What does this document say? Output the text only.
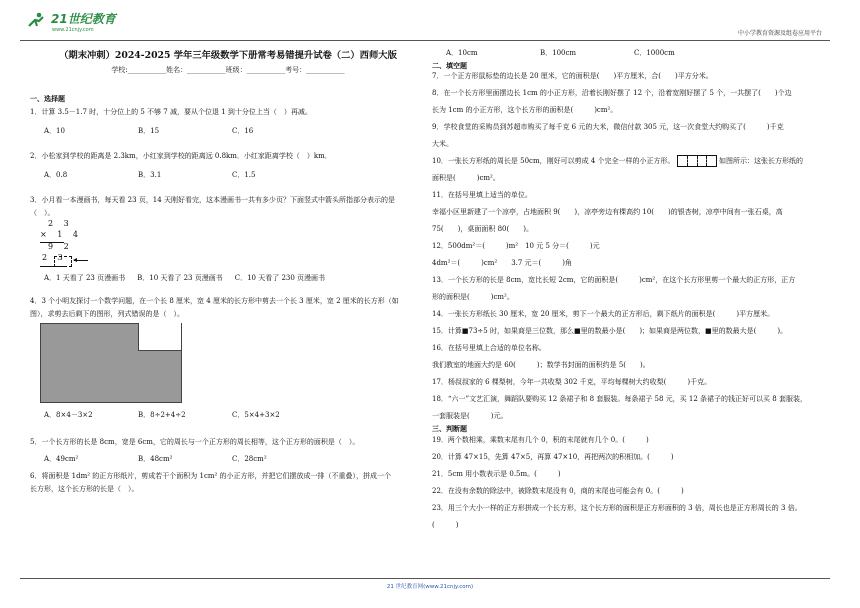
21世纪教育
www.21cnjy.com	中小学教育资源及组卷应用平台
（期末冲刺）2024-2025 学年三年级数学下册常考易错提升试卷（二）西师大版
学校:___________姓名：___________班级：___________考号：___________
一、选择题
1．计算 3.5－1.7 时，十分位上的 5 不够 7 减，要从个位退 1 到十分位上当（　）再减。
A．10	B．15	C．16
2．小松家到学校的距离是 2.3km，小红家到学校的距离远 0.8km．小红家距离学校（　）km．
A．0.8	B．3.1	C．1.5
3．小月看一本漫画书，每天看 23 页，14 天刚好看完，这本漫画书一共有多少页？下面竖式中箭头所指部分表示的是
（　）。
2 3
× 1 4
9 2
2 3
A．1 天看了 23 页漫画书 B．10 天看了 23 页漫画书 C．10 天看了 230 页漫画书
4．3 个小明友探讨一个数学问题，在一个长 8 厘米，宽 4 厘米的长方形中剪去一个长 3 厘米，宽 2 厘米的长方形（如
图），求剪去后剩下的图形，列式错误的是（　）。
A．8×4－3×2	B．8÷2+4÷2	C．5×4+3×2
5．一个长方形的长是 8cm，宽是 6cm，它的周长与一个正方形的周长相等，这个正方形的面积是（　）。
A．49cm²	B．48cm²	C．28cm²
6．将面积是 1dm² 的正方形纸片，剪成若干个面积为 1cm² 的小正方形，并把它们摆放成一排（不重叠），拼成一个
长方形，这个长方形的长是（　）。
A．10cm	B．100cm	C．1000cm
二、填空题
7．一个正方形鼠标垫的边长是 20 厘米，它的面积是(　　)平方厘米，合(　　)平方分米。
8．在一个长方形里面摆边长 1cm 的小正方形，沿着长刚好摆了 12 个，沿着宽刚好摆了 5 个，一共摆了(　　)个边
长为 1cm 的小正方形，这个长方形的面积是(　　　)cm²。
9．学校食堂的采购员到苏超市购买了每千克 6 元的大米，微信付款 305 元，这一次食堂大约购买了(　　　)千克
大米。
10．一张长方形纸的周长是 50cm，刚好可以剪成 4 个完全一样的小正方形。	如图所示：这张长方形纸的
面积是(　　　)cm²。
11．在括号里填上适当的单位。
幸福小区里新建了一个凉亭，占地面积 9(　　)，凉亭旁边有棵高约 10(　　)的银杏树，凉亭中间有一张石桌，高
75(　　)，桌面面积 80(　　)。
12．500dm²＝(　　　)m²　10 元 5 分＝(　　　)元
4dm²＝(　　　)cm²　　3.7 元＝(　　　)角
13．一个长方形的长是 8cm，宽比长短 2cm，它的面积是(　　　)cm²，在这个长方形里剪一个最大的正方形，正方
形的面积是(　　　)cm²。
14．一张长方形纸长 30 厘米，宽 20 厘米，剪下一个最大的正方形后，剩下纸片的面积是(　　　)平方厘米。
15．计算■73÷5 时，如果商是三位数，那么■里的数最小是(　　)；如果商是两位数，■里的数最大是(　　　)。
16．在括号里填上合适的单位名称。
我们教室的地面大约是 60(　　　)；数学书封面的面积约是 5(　　)。
17．杨叔叔家的 6 棵梨树，今年一共收梨 302 千克，平均每棵树大约收梨(　　　)千克。
18．“六一”文艺汇演，舞蹈队要购买 12 条裙子和 8 套服装。每条裙子 58 元，买 12 条裙子的钱正好可以买 8 套服装，
一套服装是(　　　)元。
三、判断题
19．两个数相乘，乘数末尾有几个 0，积的末尾就有几个 0。(　　　)
20．计算 47×15，先算 47×5，再算 47×10，再把两次的积相加。(　　　)
21．5cm 用小数表示是 0.5m。(　　　)
22．在没有余数的除法中，被除数末尾没有 0，商的末尾也可能会有 0。(　　　)
23．用三个大小一样的正方形拼成一个长方形，这个长方形的面积是正方形面积的 3 倍，周长也是正方形周长的 3 倍。
(　　　)
21 世纪教育网(www.21cnjy.com)
